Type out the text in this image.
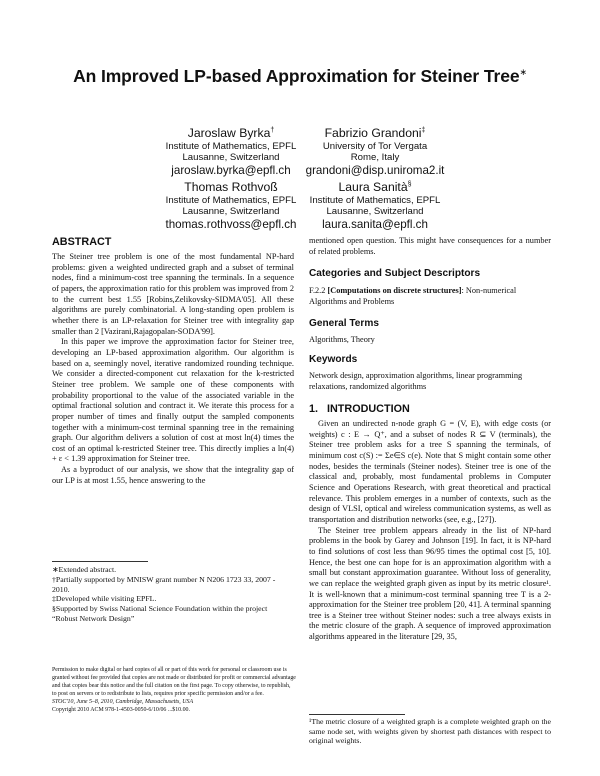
An Improved LP-based Approximation for Steiner Tree∗
Jaroslaw Byrka†
Institute of Mathematics, EPFL
Lausanne, Switzerland
jaroslaw.byrka@epfl.ch
Fabrizio Grandoni‡
University of Tor Vergata
Rome, Italy
grandoni@disp.uniroma2.it
Thomas Rothvoß
Institute of Mathematics, EPFL
Lausanne, Switzerland
thomas.rothvoss@epfl.ch
Laura Sanità§
Institute of Mathematics, EPFL
Lausanne, Switzerland
laura.sanita@epfl.ch
ABSTRACT

The Steiner tree problem is one of the most fundamental NP-hard problems: given a weighted undirected graph and a subset of terminal nodes, find a minimum-cost tree spanning the terminals. In a sequence of papers, the approximation ratio for this problem was improved from 2 to the current best 1.55 [Robins,Zelikovsky-SIDMA'05]. All these algorithms are purely combinatorial. A long-standing open problem is whether there is an LP-relaxation for Steiner tree with integrality gap smaller than 2 [Vazirani,Rajagopalan-SODA'99].

In this paper we improve the approximation factor for Steiner tree, developing an LP-based approximation algorithm. Our algorithm is based on a, seemingly novel, iterative randomized rounding technique. We consider a directed-component cut relaxation for the k-restricted Steiner tree problem. We sample one of these components with probability proportional to the value of the associated variable in the optimal fractional solution and contract it. We iterate this process for a proper number of times and finally output the sampled components together with a minimum-cost terminal spanning tree in the remaining graph. Our algorithm delivers a solution of cost at most ln(4) times the cost of an optimal k-restricted Steiner tree. This directly implies a ln(4) + ε < 1.39 approximation for Steiner tree.

As a byproduct of our analysis, we show that the integrality gap of our LP is at most 1.55, hence answering to the

∗Extended abstract.

†Partially supported by MNISW grant number N N206 1723 33, 2007 - 2010.

‡Developed while visiting EPFL.

§Supported by Swiss National Science Foundation within the project “Robust Network Design”

Permission to make digital or hard copies of all or part of this work for personal or classroom use is granted without fee provided that copies are not made or distributed for profit or commercial advantage and that copies bear this notice and the full citation on the first page. To copy otherwise, to republish, to post on servers or to redistribute to lists, requires prior specific permission and/or a fee.
STOC'10, June 5–8, 2010, Cambridge, Massachusetts, USA
Copyright 2010 ACM 978-1-4503-0050-6/10/06 ...$10.00.
mentioned open question. This might have consequences for a number of related problems.
Categories and Subject Descriptors
F.2.2 [Computations on discrete structures]: Non-numerical Algorithms and Problems
General Terms
Algorithms, Theory
Keywords
Network design, approximation algorithms, linear programming relaxations, randomized algorithms
1.   INTRODUCTION

Given an undirected n-node graph G = (V, E), with edge costs (or weights) c : E → Q⁺, and a subset of nodes R ⊆ V (terminals), the Steiner tree problem asks for a tree S spanning the terminals, of minimum cost c(S) := Σe∈S c(e). Note that S might contain some other nodes, besides the terminals (Steiner nodes). Steiner tree is one of the classical and, probably, most fundamental problems in Computer Science and Operations Research, with great theoretical and practical relevance. This problem emerges in a number of contexts, such as the design of VLSI, optical and wireless communication systems, as well as transportation and distribution networks (see, e.g., [27]).

The Steiner tree problem appears already in the list of NP-hard problems in the book by Garey and Johnson [19]. In fact, it is NP-hard to find solutions of cost less than 96/95 times the optimal cost [5, 10]. Hence, the best one can hope for is an approximation algorithm with a small but constant approximation guarantee. Without loss of generality, we can replace the weighted graph given as input by its metric closure¹. It is well-known that a minimum-cost terminal spanning tree T is a 2-approximation for the Steiner tree problem [20, 41]. A terminal spanning tree is a Steiner tree without Steiner nodes: such a tree always exists in the metric closure of the graph. A sequence of improved approximation algorithms appeared in the literature [29, 35,

¹The metric closure of a weighted graph is a complete weighted graph on the same node set, with weights given by shortest path distances with respect to original weights.
